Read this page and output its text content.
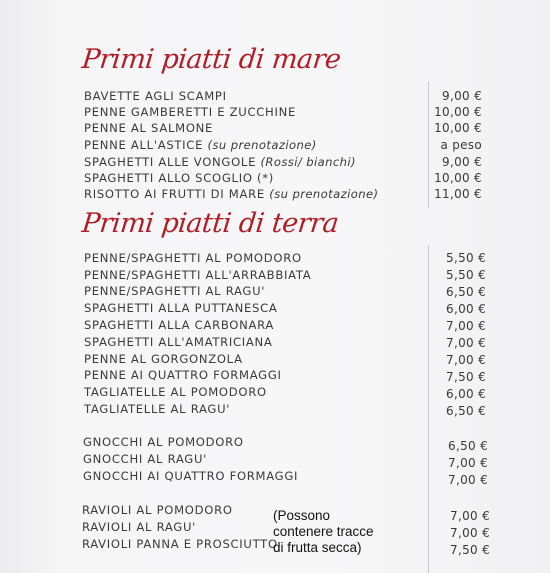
Primi piatti di mare
BAVETTE AGLI SCAMPI	9,00 €
PENNE GAMBERETTI E ZUCCHINE	10,00 €
PENNE AL SALMONE	10,00 €
PENNE ALL'ASTICE (su prenotazione)	a peso
SPAGHETTI ALLE VONGOLE (Rossi/ bianchi)	9,00 €
SPAGHETTI ALLO SCOGLIO (*)	10,00 €
RISOTTO AI FRUTTI DI MARE (su prenotazione)	11,00 €
Primi piatti di terra
PENNE/SPAGHETTI AL POMODORO	5,50 €
PENNE/SPAGHETTI ALL'ARRABBIATA	5,50 €
PENNE/SPAGHETTI AL RAGU'	6,50 €
SPAGHETTI ALLA PUTTANESCA	6,00 €
SPAGHETTI ALLA CARBONARA	7,00 €
SPAGHETTI ALL'AMATRICIANA	7,00 €
PENNE AL GORGONZOLA	7,00 €
PENNE AI QUATTRO FORMAGGI	7,50 €
TAGLIATELLE AL POMODORO	6,00 €
TAGLIATELLE AL RAGU'	6,50 €
GNOCCHI AL POMODORO	6,50 €
GNOCCHI AL RAGU'	7,00 €
GNOCCHI AI QUATTRO FORMAGGI	7,00 €
RAVIOLI AL POMODORO	7,00 €
RAVIOLI AL RAGU'	7,00 €
RAVIOLI PANNA E PROSCIUTTO	7,50 €
(Possono
contenere tracce
di frutta secca)
